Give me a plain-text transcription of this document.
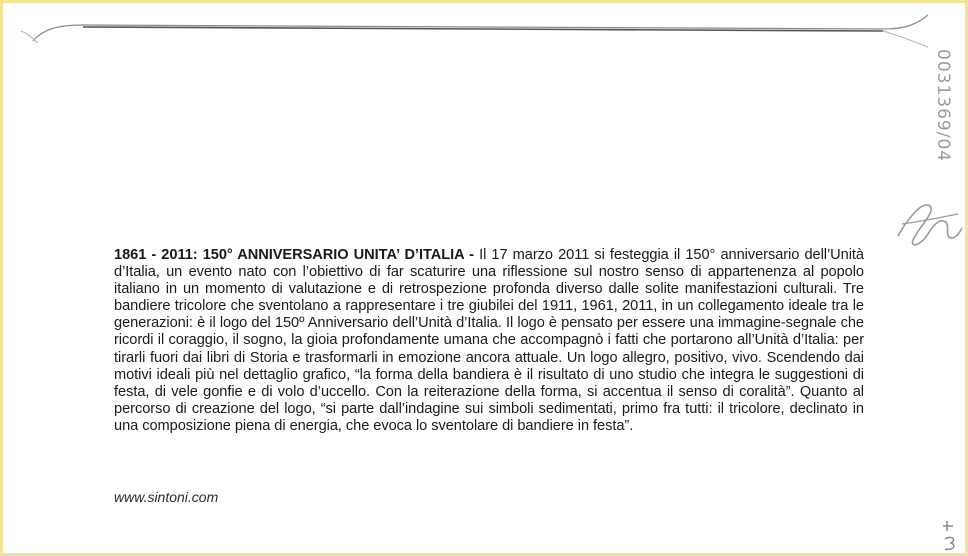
1861 - 2011: 150° ANNIVERSARIO UNITA’ D’ITALIA - Il 17 marzo 2011 si festeggia il 150° anniversario dell’Unità d’Italia, un evento nato con l’obiettivo di far scaturire una riflessione sul nostro senso di appartenenza al popolo italiano in un momento di valutazione e di retrospezione profonda diverso dalle solite manifestazioni culturali. Tre bandiere tricolore che sventolano a rappresentare i tre giubilei del 1911, 1961, 2011, in un collegamento ideale tra le generazioni: è il logo del 150º Anniversario dell’Unità d’Italia. Il logo è pensato per essere una immagine-segnale che ricordi il coraggio, il sogno, la gioia profondamente umana che accompagnò i fatti che portarono all’Unità d’Italia: per tirarli fuori dai libri di Storia e trasformarli in emozione ancora attuale. Un logo allegro, positivo, vivo. Scendendo dai motivi ideali più nel dettaglio grafico, “la forma della bandiera è il risultato di uno studio che integra le suggestioni di festa, di vele gonfie e di volo d’uccello. Con la reiterazione della forma, si accentua il senso di coralità”. Quanto al percorso di creazione del logo, “si parte dall’indagine sui simboli sedimentati, primo fra tutti: il tricolore, declinato in una composizione piena di energia, che evoca lo sventolare di bandiere in festa”.
www.sintoni.com
0031369/04
